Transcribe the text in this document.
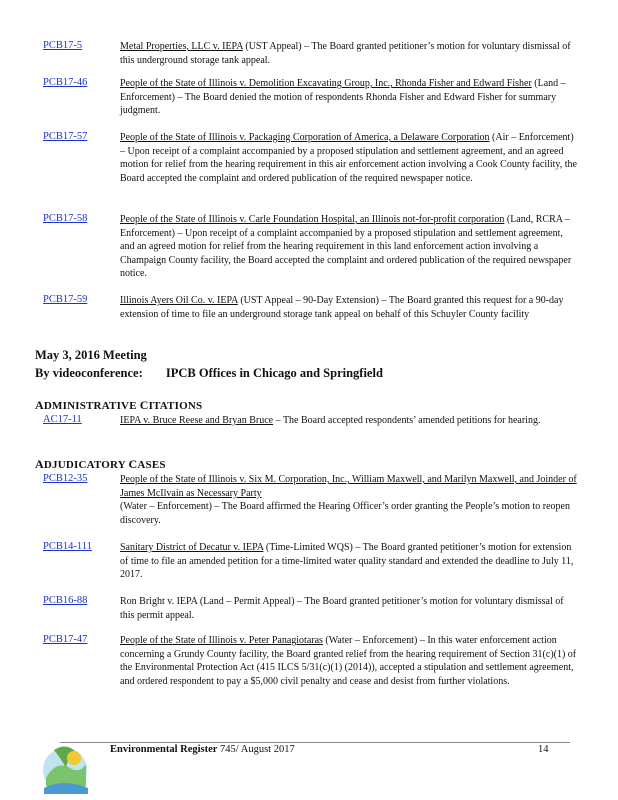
PCB17-5	Metal Properties, LLC v. IEPA (UST Appeal) – The Board granted petitioner’s motion for voluntary dismissal of this underground storage tank appeal.
PCB17-46	People of the State of Illinois v. Demolition Excavating Group, Inc., Rhonda Fisher and Edward Fisher (Land – Enforcement) – The Board denied the motion of respondents Rhonda Fisher and Edward Fisher for summary judgment.
PCB17-57	People of the State of Illinois v. Packaging Corporation of America, a Delaware Corporation (Air – Enforcement) – Upon receipt of a complaint accompanied by a proposed stipulation and settlement agreement, and an agreed motion for relief from the hearing requirement in this air enforcement action involving a Cook County facility, the Board accepted the complaint and ordered publication of the required newspaper notice.
PCB17-58	People of the State of Illinois v. Carle Foundation Hospital, an Illinois not-for-profit corporation (Land, RCRA – Enforcement) – Upon receipt of a complaint accompanied by a proposed stipulation and settlement agreement, and an agreed motion for relief from the hearing requirement in this land enforcement action involving a Champaign County facility, the Board accepted the complaint and ordered publication of the required newspaper notice.
PCB17-59	Illinois Ayers Oil Co. v. IEPA (UST Appeal – 90-Day Extension) – The Board granted this request for a 90-day extension of time to file an underground storage tank appeal on behalf of this Schuyler County facility
May 3, 2016 Meeting
By videoconference: IPCB Offices in Chicago and Springfield
ADMINISTRATIVE CITATIONS
AC17-11	IEPA v. Bruce Reese and Bryan Bruce – The Board accepted respondents’ amended petitions for hearing.
ADJUDICATORY CASES
PCB12-35	People of the State of Illinois v. Six M. Corporation, Inc., William Maxwell, and Marilyn Maxwell, and Joinder of James McIlvain as Necessary Party
(Water – Enforcement) – The Board affirmed the Hearing Officer’s order granting the People’s motion to reopen discovery.
PCB14-111	Sanitary District of Decatur v. IEPA (Time-Limited WQS) – The Board granted petitioner’s motion for extension of time to file an amended petition for a time-limited water quality standard and extended the deadline to July 11, 2017.
PCB16-88	Ron Bright v. IEPA (Land – Permit Appeal) – The Board granted petitioner’s motion for voluntary dismissal of this permit appeal.
PCB17-47	People of the State of Illinois v. Peter Panagiotaras (Water – Enforcement) – In this water enforcement action concerning a Grundy County facility, the Board granted relief from the hearing requirement of Section 31(c)(1) of the Environmental Protection Act (415 ILCS 5/31(c)(1) (2014)), accepted a stipulation and settlement agreement, and ordered respondent to pay a $5,000 civil penalty and cease and desist from further violations.
Environmental Register 745/ August 2017	14
